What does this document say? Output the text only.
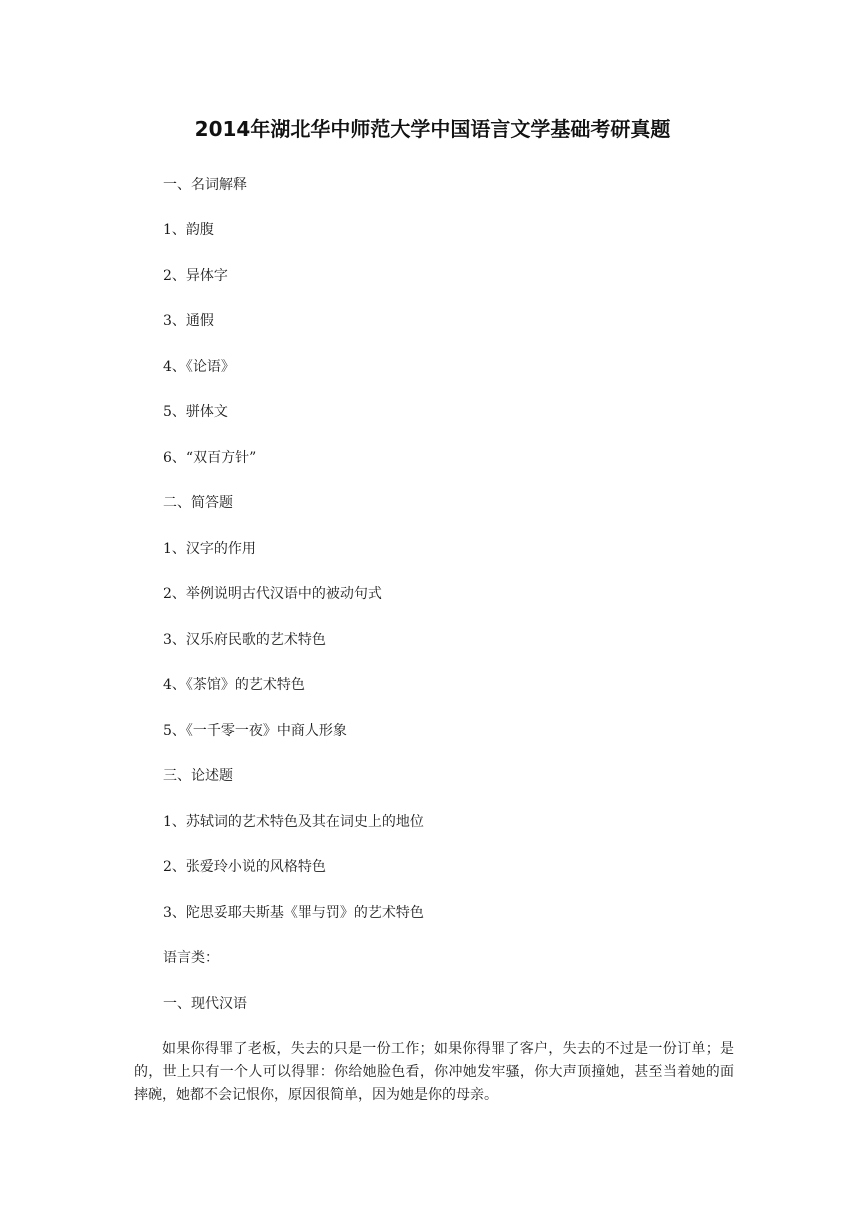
2014年湖北华中师范大学中国语言文学基础考研真题

一、名词解释

1、韵腹

2、异体字

3、通假

4、《论语》

5、骈体文

6、“双百方针”

二、简答题

1、汉字的作用

2、举例说明古代汉语中的被动句式

3、汉乐府民歌的艺术特色

4、《茶馆》的艺术特色

5、《一千零一夜》中商人形象

三、论述题

1、苏轼词的艺术特色及其在词史上的地位

2、张爱玲小说的风格特色

3、陀思妥耶夫斯基《罪与罚》的艺术特色

语言类：

一、现代汉语

如果你得罪了老板，失去的只是一份工作；如果你得罪了客户，失去的不过是一份订单；是的，世上只有一个人可以得罪：你给她脸色看，你冲她发牢骚，你大声顶撞她，甚至当着她的面摔碗，她都不会记恨你，原因很简单，因为她是你的母亲。
